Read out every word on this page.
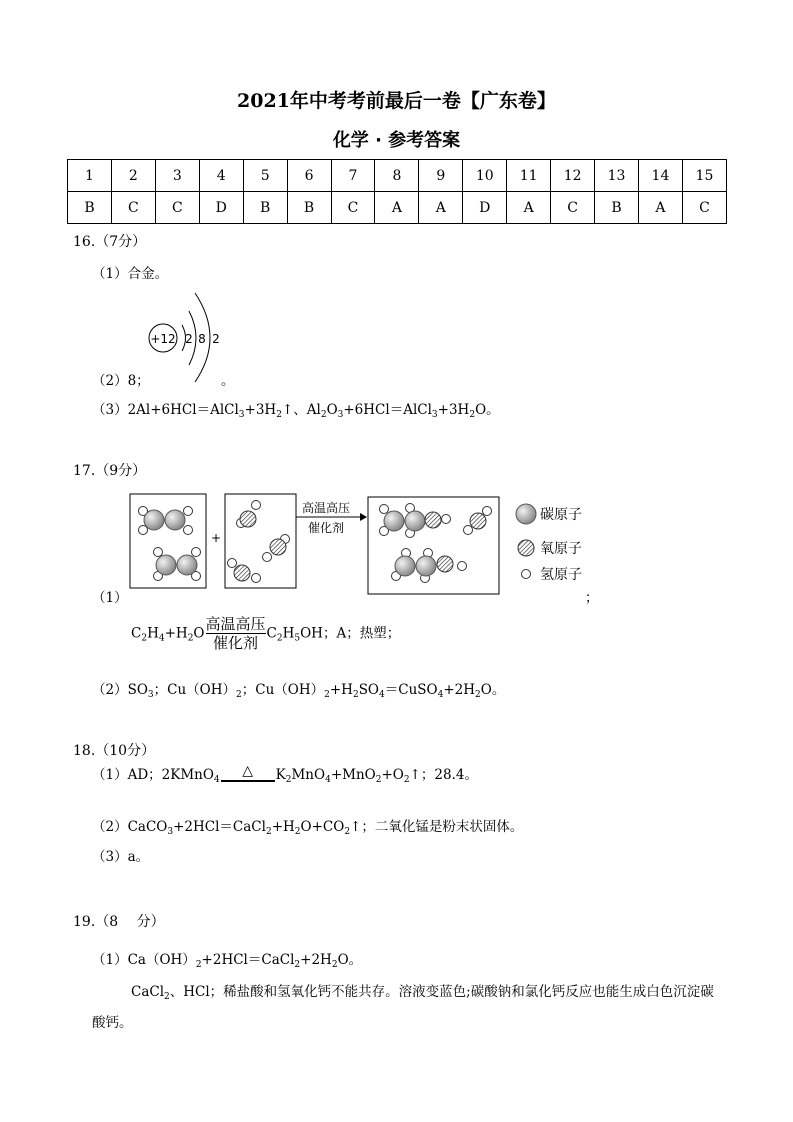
2021年中考考前最后一卷【广东卷】
化学 · 参考答案
1	2	3	4	5	6	7	8	9	10	11	12	13	14	15
B	C	C	D	B	B	C	A	A	D	A	C	B	A	C
16.（7分）
（1）合金。
+12 2 8 2
（2）8；	。
$(3)2Al+6HCl=AlCl_3+3H_2↑$、$Al_2O_3+6HCl=AlCl_3+3H_2O$。
17.（9分）
+
高温高压
催化剂
碳原子
氧原子
氢原子
（1）	；
$C_2H_4+H_2O \frac{\text{高温高压}}{\text{催化剂}} C_2H_5OH$；A；热塑；
$(2)SO_3$；$Cu(OH)_2$；$Cu(OH)_2+H_2SO_4=CuSO_4+2H_2O$。
18.（10分）
（1）AD；2KMnO$_4$
△	$K_2MnO_4+MnO_2+O_2↑$；28.4。
$(2)CaCO_3+2HCl=CaCl_2+H_2O+CO_2↑$；二氧化锰是粉末状固体。
（3）a。
19.（8　 分）
$(1)Ca(OH)_2+2HCl=CaCl_2+2H_2O$。
CaCl$_2$、HCl；稀盐酸和氢氧化钙不能共存。溶液变蓝色;碳酸钠和氯化钙反应也能生成白色沉淀碳
酸钙。
